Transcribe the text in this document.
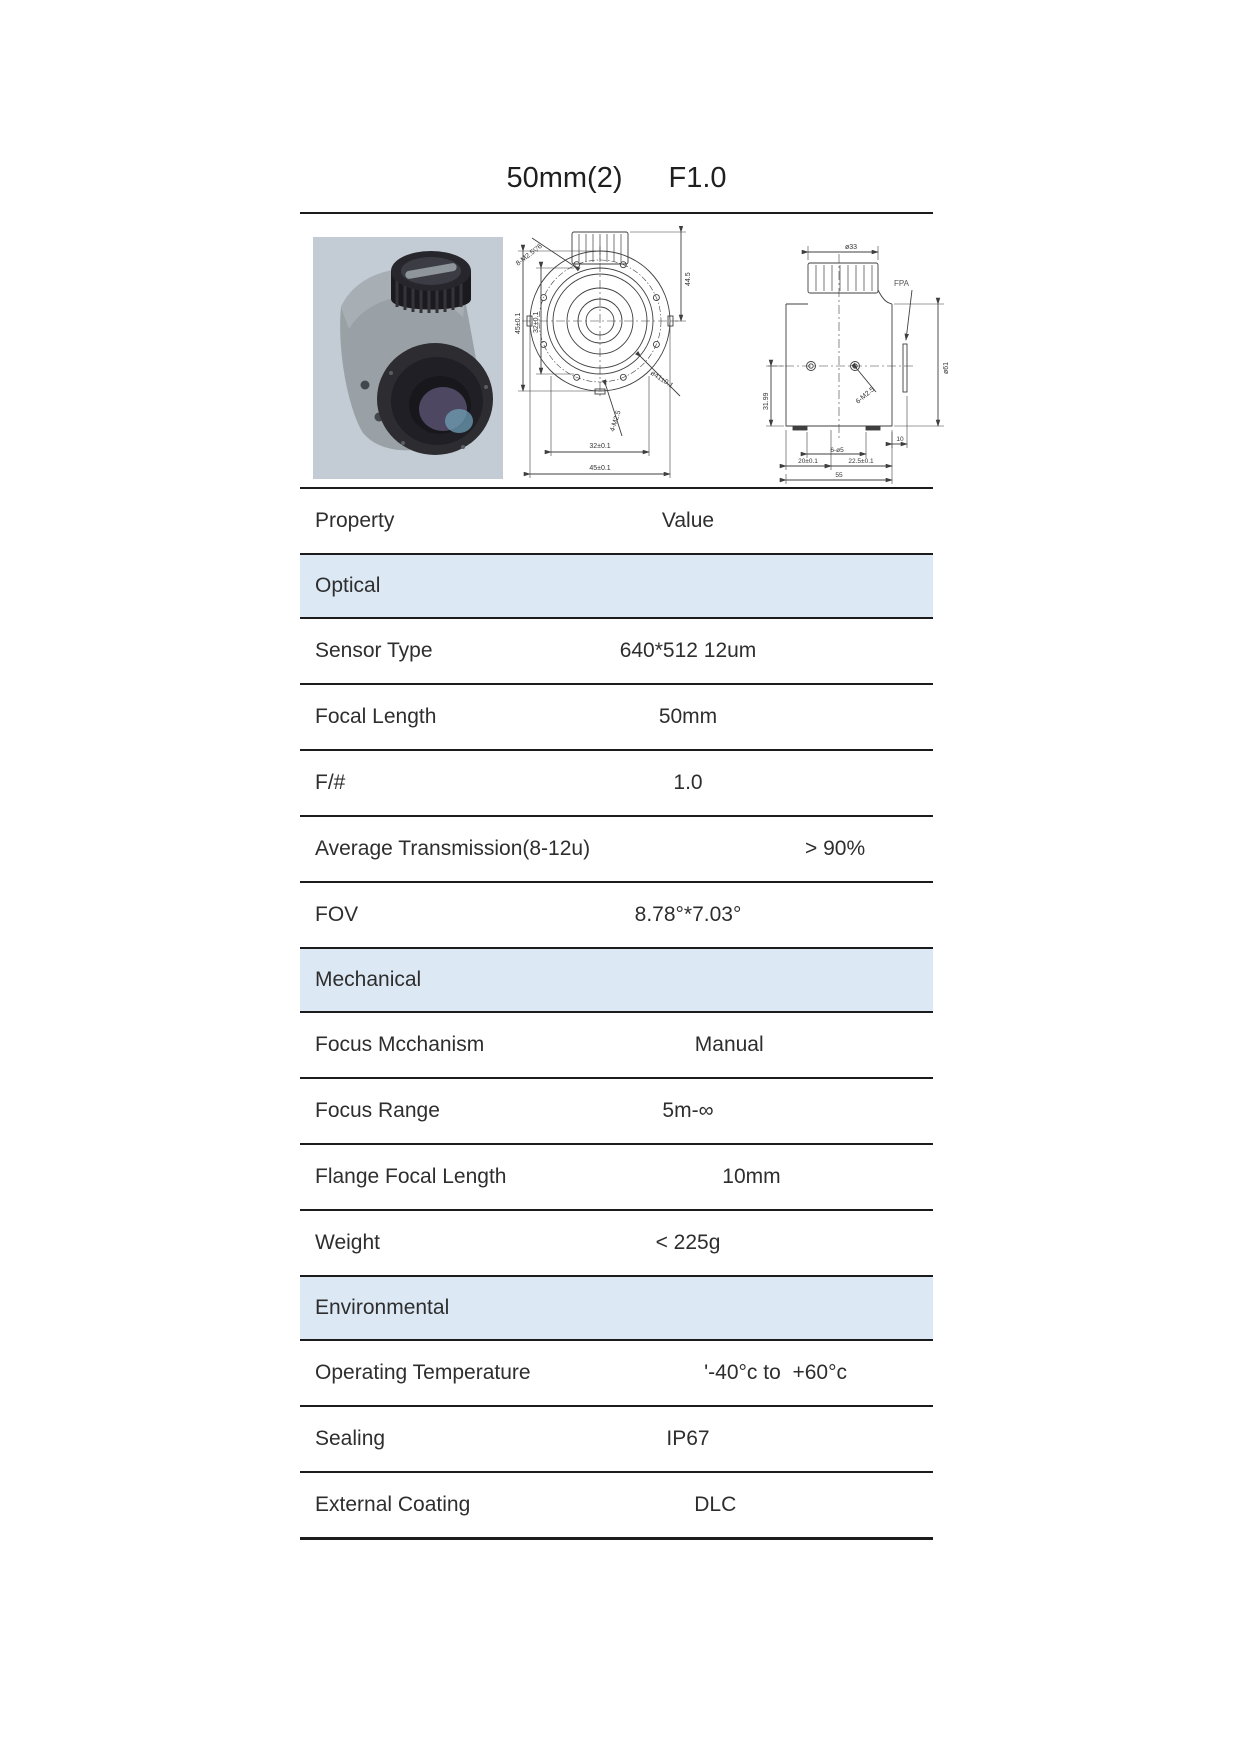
50mm(2) F1.0
8-M2.5▽6
45±0.1 32±0.1
44.5
ø41±0.1
4-M2.5
32±0.1
45±0.1
ø33
FPA
31.99	6-M2.5
ø61
6-ø5
10
20±0.1	22.5±0.1
55
Property	Value
Optical
Sensor Type	640*512 12um
Focal Length	50mm
F/#	1.0
Average Transmission(8-12u)	> 90%
FOV	8.78°*7.03°
Mechanical
Focus Mcchanism	Manual
Focus Range	5m-∞
Flange Focal Length	10mm
Weight	< 225g
Environmental
Operating Temperature	'-40°c to  +60°c
Sealing	IP67
External Coating	DLC
